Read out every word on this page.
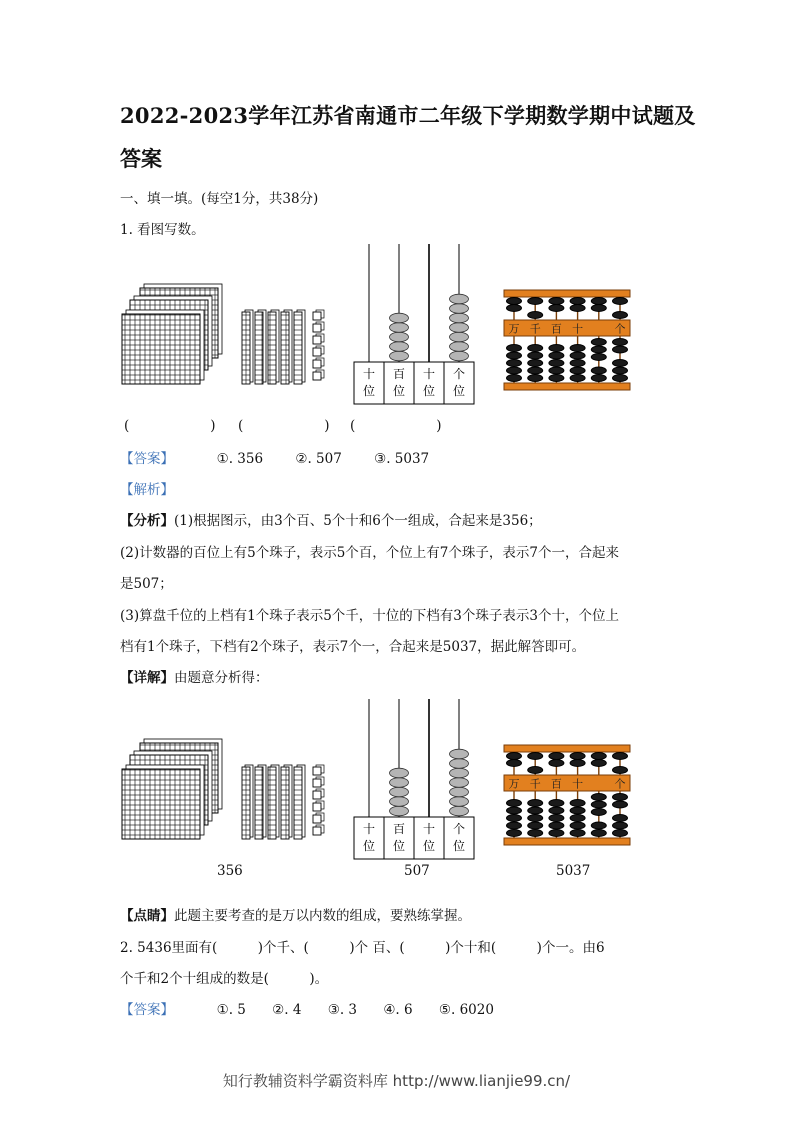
2022-2023学年江苏省南通市二年级下学期数学期中试题及
答案
一、填一填。(每空1分，共38分)
1. 看图写数。
十
位
百
位
十
位
个
位
万 千 百 十	个
(　　　　　　) (　　　　　　) (　　　　　　)
【答案】	①. 356 ②. 507 ③. 5037
【解析】
【分析】(1)根据图示，由3个百、5个十和6个一组成，合起来是356；
(2)计数器的百位上有5个珠子，表示5个百，个位上有7个珠子，表示7个一，合起来
是507；
(3)算盘千位的上档有1个珠子表示5个千，十位的下档有3个珠子表示3个十，个位上
档有1个珠子，下档有2个珠子，表示7个一，合起来是5037，据此解答即可。
【详解】由题意分析得：
十
位
百
位
十
位
个
位
万 千 百 十	个
356	507	5037
【点睛】此题主要考查的是万以内数的组成，要熟练掌握。
2. 5436里面有(　　　)个千、(　　　)个 百、(　　　)个十和(　　　)个一。由6
个千和2个十组成的数是(　　　)。
【答案】	①. 5 ②. 4 ③. 3 ④. 6 ⑤. 6020
知行教辅资料学霸资料库 http://www.lianjie99.cn/
